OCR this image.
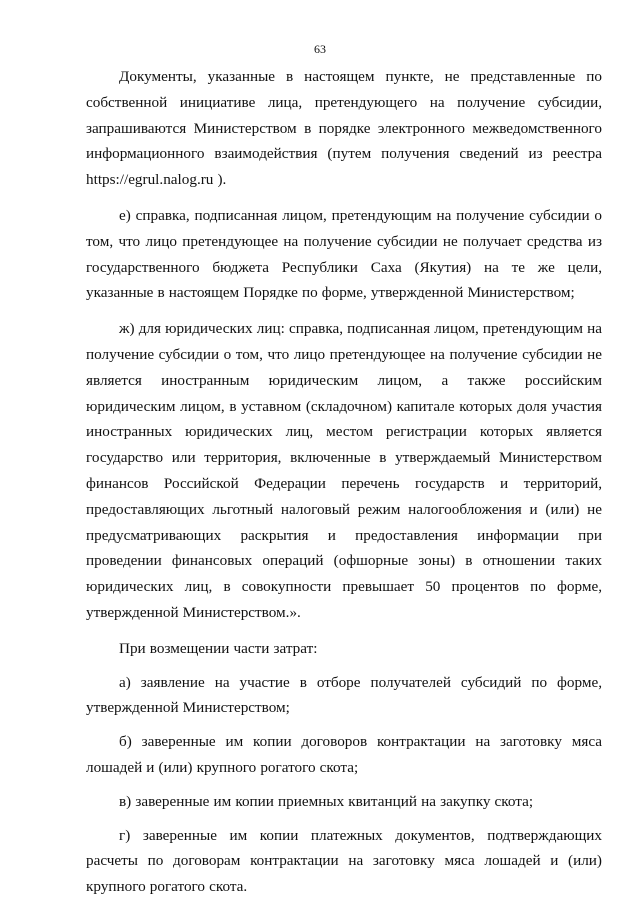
63

Документы, указанные в настоящем пункте, не представленные по собственной инициативе лица, претендующего на получение субсидии, запрашиваются Министерством в порядке электронного межведомственного информационного взаимодействия (путем получения сведений из реестра https://egrul.nalog.ru ).

е) справка, подписанная лицом, претендующим на получение субсидии о том, что лицо претендующее на получение субсидии не получает средства из государственного бюджета Республики Саха (Якутия) на те же цели, указанные в настоящем Порядке по форме, утвержденной Министерством;

ж) для юридических лиц: справка, подписанная лицом, претендующим на получение субсидии о том, что лицо претендующее на получение субсидии не является иностранным юридическим лицом, а также российским юридическим лицом, в уставном (складочном) капитале которых доля участия иностранных юридических лиц, местом регистрации которых является государство или территория, включенные в утверждаемый Министерством финансов Российской Федерации перечень государств и территорий, предоставляющих льготный налоговый режим налогообложения и (или) не предусматривающих раскрытия и предоставления информации при проведении финансовых операций (офшорные зоны) в отношении таких юридических лиц, в совокупности превышает 50 процентов по форме, утвержденной Министерством.».

При возмещении части затрат:

а) заявление на участие в отборе получателей субсидий по форме, утвержденной Министерством;

б) заверенные им копии договоров контрактации на заготовку мяса лошадей и (или) крупного рогатого скота;

в) заверенные им копии приемных квитанций на закупку скота;

г) заверенные им копии платежных документов, подтверждающих расчеты по договорам контрактации на заготовку мяса лошадей и (или) крупного рогатого скота.
